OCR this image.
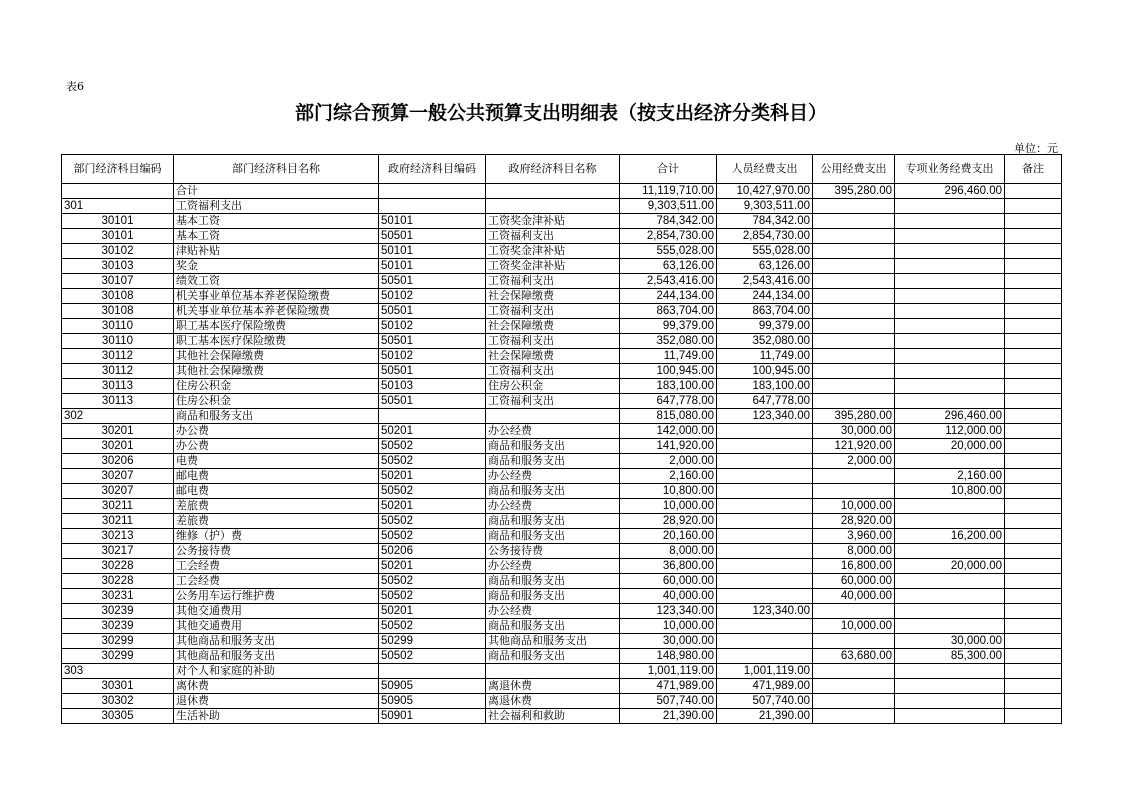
表6
部门综合预算一般公共预算支出明细表（按支出经济分类科目）
单位：元
部门经济科目编码	部门经济科目名称	政府经济科目编码	政府经济科目名称	合计	人员经费支出	公用经费支出	专项业务经费支出	备注
	合计			11,119,710.00	10,427,970.00	395,280.00	296,460.00	
301	工资福利支出			9,303,511.00	9,303,511.00			
30101	基本工资	50101	工资奖金津补贴	784,342.00	784,342.00			
30101	基本工资	50501	工资福利支出	2,854,730.00	2,854,730.00			
30102	津贴补贴	50101	工资奖金津补贴	555,028.00	555,028.00			
30103	奖金	50101	工资奖金津补贴	63,126.00	63,126.00			
30107	绩效工资	50501	工资福利支出	2,543,416.00	2,543,416.00			
30108	机关事业单位基本养老保险缴费	50102	社会保障缴费	244,134.00	244,134.00			
30108	机关事业单位基本养老保险缴费	50501	工资福利支出	863,704.00	863,704.00			
30110	职工基本医疗保险缴费	50102	社会保障缴费	99,379.00	99,379.00			
30110	职工基本医疗保险缴费	50501	工资福利支出	352,080.00	352,080.00			
30112	其他社会保障缴费	50102	社会保障缴费	11,749.00	11,749.00			
30112	其他社会保障缴费	50501	工资福利支出	100,945.00	100,945.00			
30113	住房公积金	50103	住房公积金	183,100.00	183,100.00			
30113	住房公积金	50501	工资福利支出	647,778.00	647,778.00			
302	商品和服务支出			815,080.00	123,340.00	395,280.00	296,460.00	
30201	办公费	50201	办公经费	142,000.00		30,000.00	112,000.00	
30201	办公费	50502	商品和服务支出	141,920.00		121,920.00	20,000.00	
30206	电费	50502	商品和服务支出	2,000.00		2,000.00		
30207	邮电费	50201	办公经费	2,160.00			2,160.00	
30207	邮电费	50502	商品和服务支出	10,800.00			10,800.00	
30211	差旅费	50201	办公经费	10,000.00		10,000.00		
30211	差旅费	50502	商品和服务支出	28,920.00		28,920.00		
30213	维修（护）费	50502	商品和服务支出	20,160.00		3,960.00	16,200.00	
30217	公务接待费	50206	公务接待费	8,000.00		8,000.00		
30228	工会经费	50201	办公经费	36,800.00		16,800.00	20,000.00	
30228	工会经费	50502	商品和服务支出	60,000.00		60,000.00		
30231	公务用车运行维护费	50502	商品和服务支出	40,000.00		40,000.00		
30239	其他交通费用	50201	办公经费	123,340.00	123,340.00			
30239	其他交通费用	50502	商品和服务支出	10,000.00		10,000.00		
30299	其他商品和服务支出	50299	其他商品和服务支出	30,000.00			30,000.00	
30299	其他商品和服务支出	50502	商品和服务支出	148,980.00		63,680.00	85,300.00	
303	对个人和家庭的补助			1,001,119.00	1,001,119.00			
30301	离休费	50905	离退休费	471,989.00	471,989.00			
30302	退休费	50905	离退休费	507,740.00	507,740.00			
30305	生活补助	50901	社会福利和救助	21,390.00	21,390.00			
